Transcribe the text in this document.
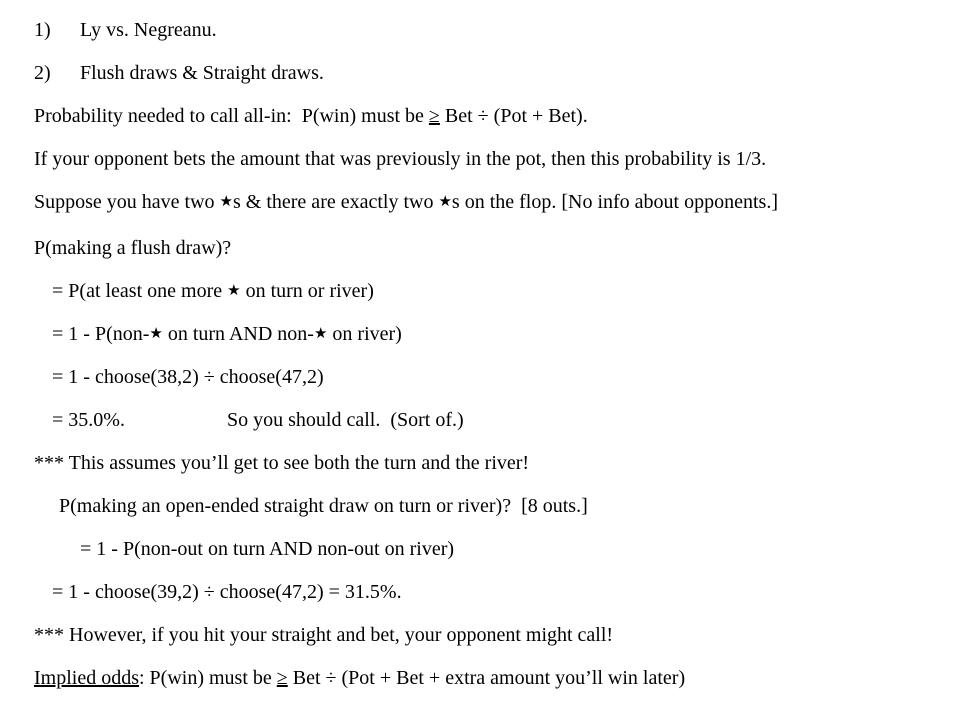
1) Ly vs. Negreanu.
2) Flush draws & Straight draws.
Probability needed to call all-in:  P(win) must be ≥ Bet ÷ (Pot + Bet).
If your opponent bets the amount that was previously in the pot, then this probability is 1/3.
Suppose you have two ★s & there are exactly two ★s on the flop. [No info about opponents.]
P(making a flush draw)?
= P(at least one more ★ on turn or river)
= 1 - P(non-★ on turn AND non-★ on river)
= 1 - choose(38,2) ÷ choose(47,2)
= 35.0%.	So you should call.  (Sort of.)
*** This assumes you’ll get to see both the turn and the river!
P(making an open-ended straight draw on turn or river)?  [8 outs.]
= 1 - P(non-out on turn AND non-out on river)
= 1 - choose(39,2) ÷ choose(47,2) = 31.5%.
*** However, if you hit your straight and bet, your opponent might call!
Implied odds: P(win) must be ≥ Bet ÷ (Pot + Bet + extra amount you’ll win later)
